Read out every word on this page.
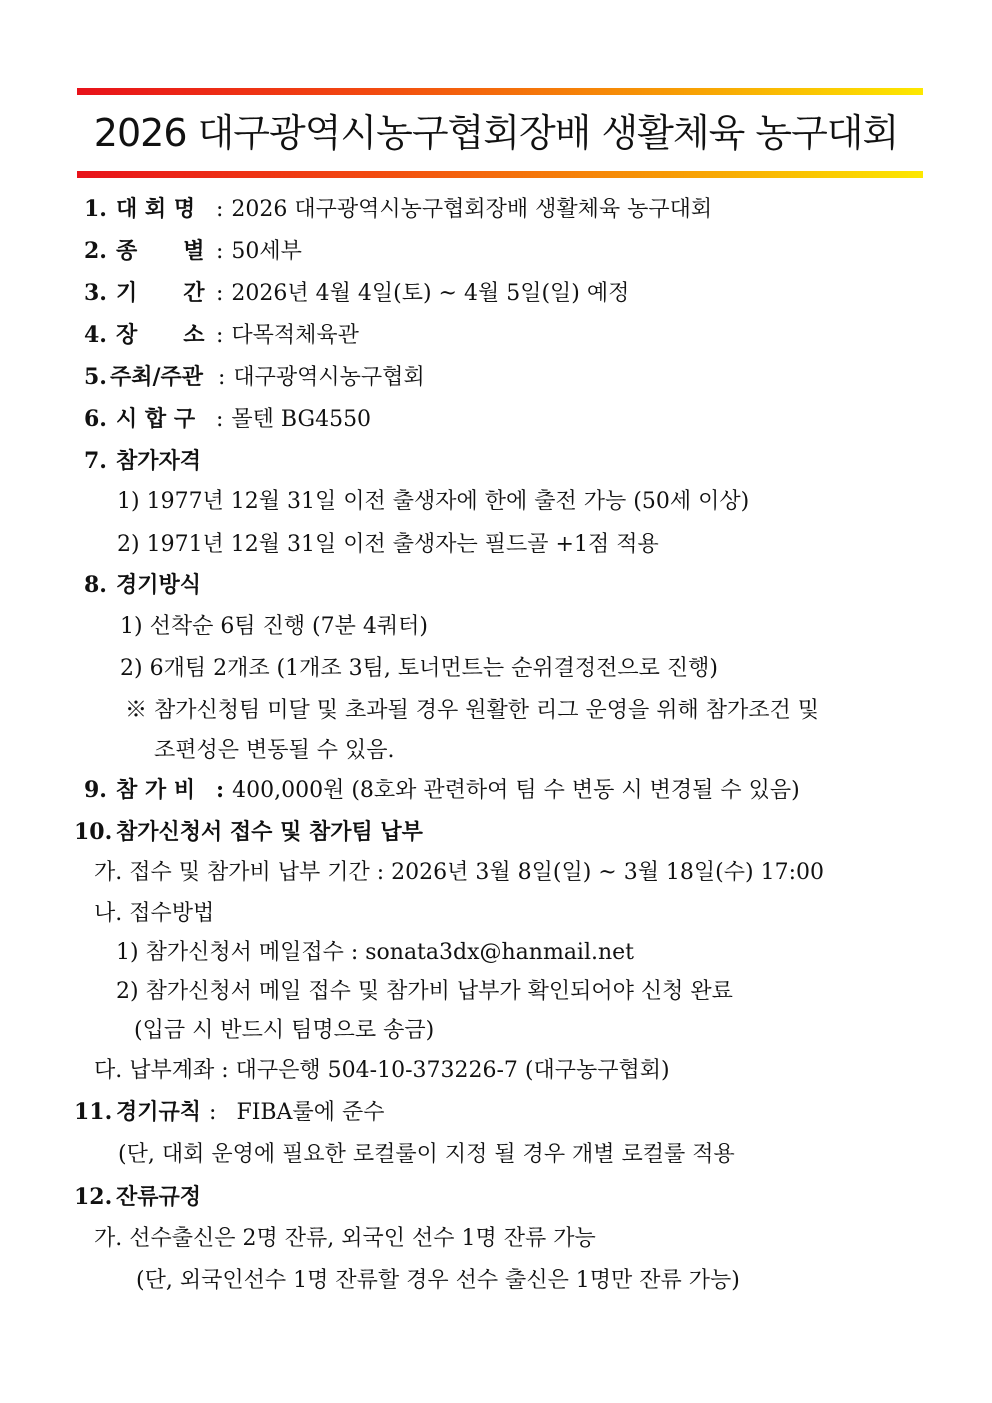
2026 대구광역시농구협회장배 생활체육 농구대회
1. 대 회 명 : 2026 대구광역시농구협회장배 생활체육 농구대회
2. 종      별 : 50세부
3. 기      간 : 2026년 4월 4일(토) ~ 4월 5일(일) 예정
4. 장      소 : 다목적체육관
5. 주최/주관 : 대구광역시농구협회
6. 시 합 구 : 몰텐 BG4550
7. 참가자격
1) 1977년 12월 31일 이전 출생자에 한에 출전 가능 (50세 이상)
2) 1971년 12월 31일 이전 출생자는 필드골 +1점 적용
8. 경기방식
1) 선착순 6팀 진행 (7분 4쿼터)
2) 6개팀 2개조 (1개조 3팀, 토너먼트는 순위결정전으로 진행)
※ 참가신청팀 미달 및 초과될 경우 원활한 리그 운영을 위해 참가조건 및
조편성은 변동될 수 있음.
9. 참 가 비 : 400,000원 (8호와 관련하여 팀 수 변동 시 변경될 수 있음)
10. 참가신청서 접수 및 참가팀 납부
가. 접수 및 참가비 납부 기간 : 2026년 3월 8일(일) ~ 3월 18일(수) 17:00
나. 접수방법
1) 참가신청서 메일접수 : sonata3dx@hanmail.net
2) 참가신청서 메일 접수 및 참가비 납부가 확인되어야 신청 완료
(입금 시 반드시 팀명으로 송금)
다. 납부계좌 : 대구은행 504-10-373226-7 (대구농구협회)
11. 경기규칙 : FIBA룰에 준수
(단, 대회 운영에 필요한 로컬룰이 지정 될 경우 개별 로컬룰 적용
12. 잔류규정
가. 선수출신은 2명 잔류, 외국인 선수 1명 잔류 가능
(단, 외국인선수 1명 잔류할 경우 선수 출신은 1명만 잔류 가능)
